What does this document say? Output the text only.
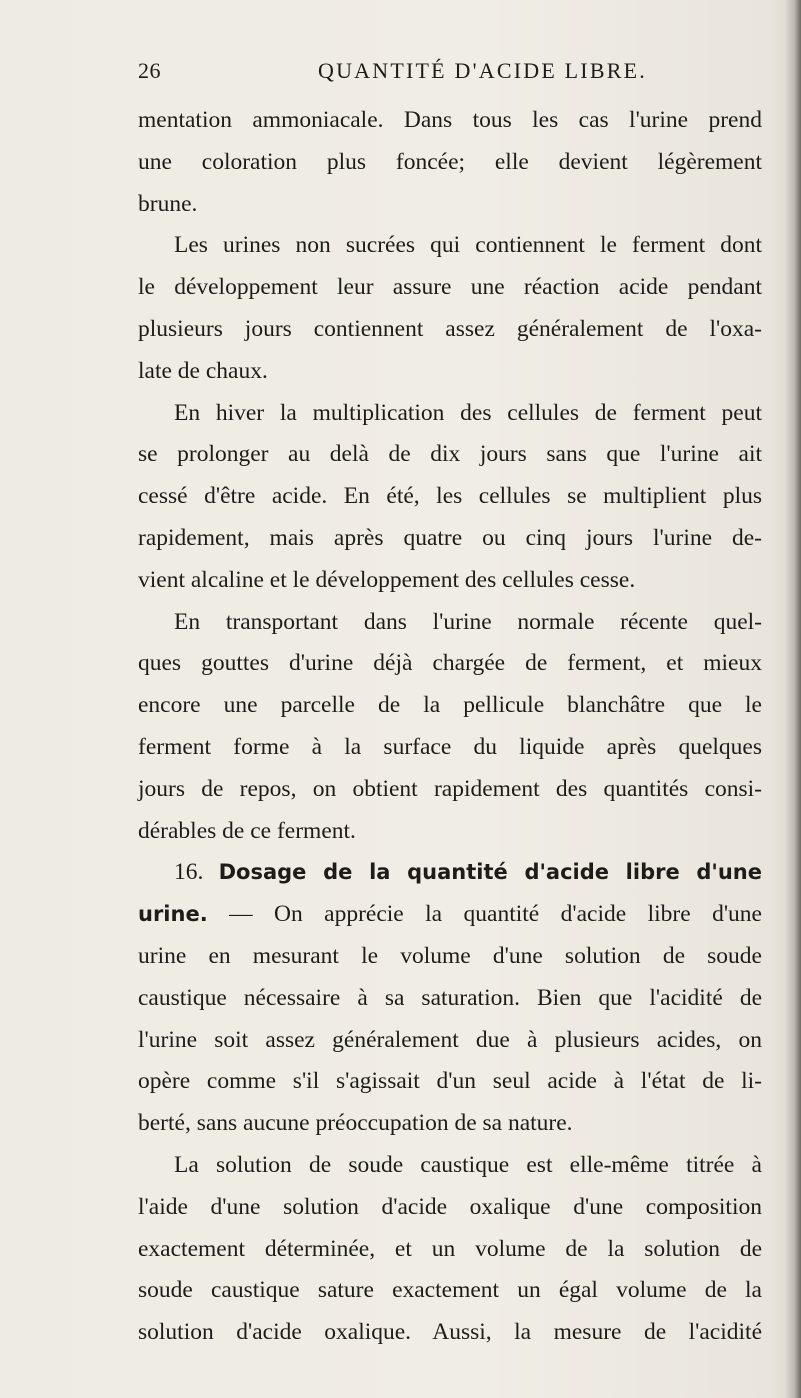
26	QUANTITÉ D'ACIDE LIBRE.
mentation ammoniacale. Dans tous les cas l'urine prend
une coloration plus foncée; elle devient légèrement
brune.
Les urines non sucrées qui contiennent le ferment dont
le développement leur assure une réaction acide pendant
plusieurs jours contiennent assez généralement de l'oxa-
late de chaux.
En hiver la multiplication des cellules de ferment peut
se prolonger au delà de dix jours sans que l'urine ait
cessé d'être acide. En été, les cellules se multiplient plus
rapidement, mais après quatre ou cinq jours l'urine de-
vient alcaline et le développement des cellules cesse.
En transportant dans l'urine normale récente quel-
ques gouttes d'urine déjà chargée de ferment, et mieux
encore une parcelle de la pellicule blanchâtre que le
ferment forme à la surface du liquide après quelques
jours de repos, on obtient rapidement des quantités consi-
dérables de ce ferment.
16. Dosage de la quantité d'acide libre d'une
urine. — On apprécie la quantité d'acide libre d'une
urine en mesurant le volume d'une solution de soude
caustique nécessaire à sa saturation. Bien que l'acidité de
l'urine soit assez généralement due à plusieurs acides, on
opère comme s'il s'agissait d'un seul acide à l'état de li-
berté, sans aucune préoccupation de sa nature.
La solution de soude caustique est elle-même titrée à
l'aide d'une solution d'acide oxalique d'une composition
exactement déterminée, et un volume de la solution de
soude caustique sature exactement un égal volume de la
solution d'acide oxalique. Aussi, la mesure de l'acidité
